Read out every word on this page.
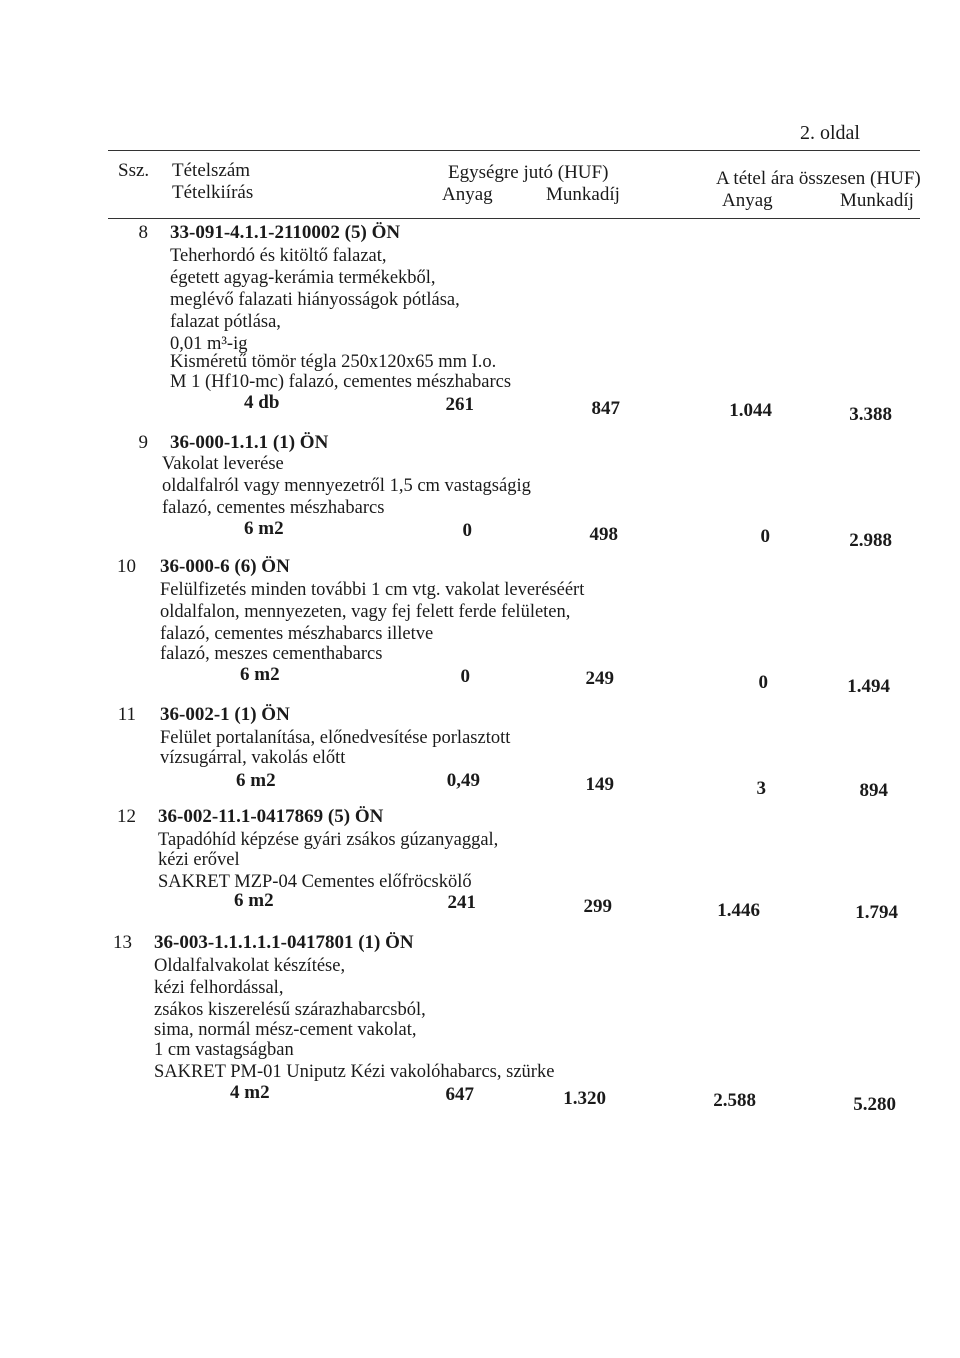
2. oldal
Ssz. Tételszám
Tételkiírás
Egységre jutó (HUF)
Anyag	Munkadíj
A tétel ára összesen (HUF)
Anyag	Munkadíj
8 33-091-4.1.1-2110002 (5) ÖN
Teherhordó és kitöltő falazat,
égetett agyag-kerámia termékekből,
meglévő falazati hiányosságok pótlása,
falazat pótlása,
0,01 m³-ig
Kisméretű tömör tégla 250x120x65 mm I.o.
M 1 (Hf10-mc) falazó, cementes mészhabarcs
4 db	261	847	1.044	3.388
9 36-000-1.1.1 (1) ÖN
Vakolat leverése
oldalfalról vagy mennyezetről 1,5 cm vastagságig
falazó, cementes mészhabarcs
6 m2	0	498	0	2.988
10 36-000-6 (6) ÖN
Felülfizetés minden további 1 cm vtg. vakolat leveréséért
oldalfalon, mennyezeten, vagy fej felett ferde felületen,
falazó, cementes mészhabarcs illetve
falazó, meszes cementhabarcs
6 m2	0	249	0	1.494
11 36-002-1 (1) ÖN
Felület portalanítása, előnedvesítése porlasztott
vízsugárral, vakolás előtt
6 m2	0,49	149	3	894
12 36-002-11.1-0417869 (5) ÖN
Tapadóhíd képzése gyári zsákos gúzanyaggal,
kézi erővel
SAKRET MZP-04 Cementes előfröcskölő
6 m2	241	299	1.446	1.794
13 36-003-1.1.1.1.1-0417801 (1) ÖN
Oldalfalvakolat készítése,
kézi felhordással,
zsákos kiszerelésű szárazhabarcsból,
sima, normál mész-cement vakolat,
1 cm vastagságban
SAKRET PM-01 Uniputz Kézi vakolóhabarcs, szürke
4 m2	647	1.320	2.588	5.280
